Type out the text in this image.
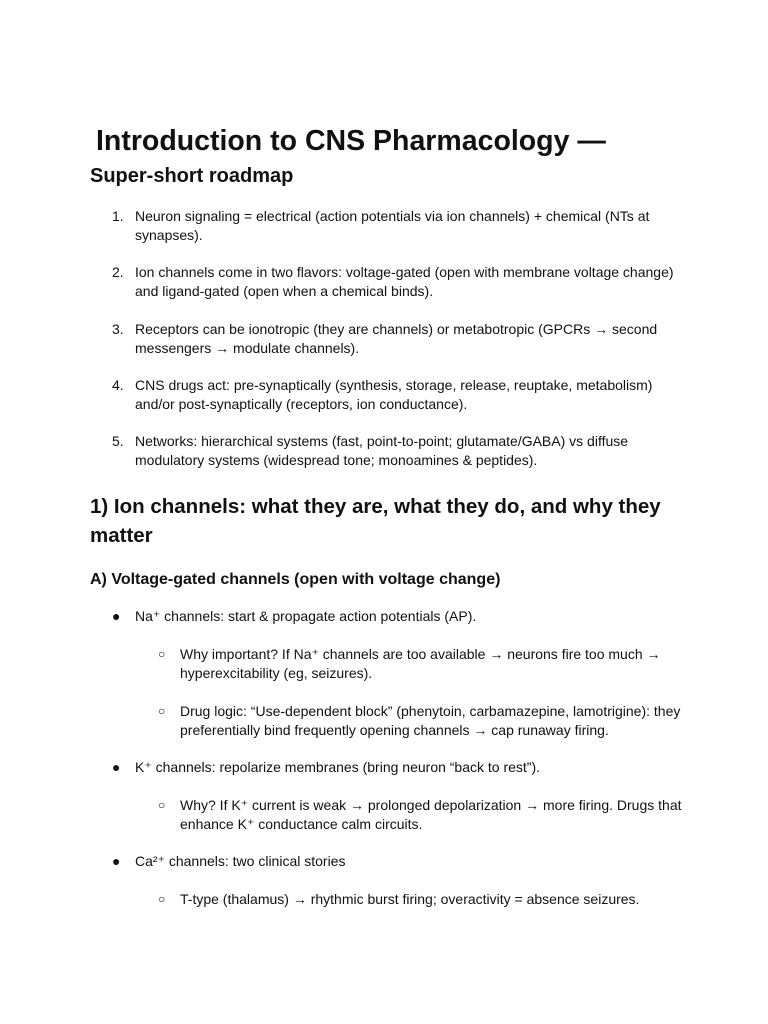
Introduction to CNS Pharmacology —
Super-short roadmap
1. Neuron signaling = electrical (action potentials via ion channels) + chemical (NTs at synapses).
2. Ion channels come in two flavors: voltage-gated (open with membrane voltage change) and ligand-gated (open when a chemical binds).
3. Receptors can be ionotropic (they are channels) or metabotropic (GPCRs → second messengers → modulate channels).
4. CNS drugs act: pre-synaptically (synthesis, storage, release, reuptake, metabolism) and/or post-synaptically (receptors, ion conductance).
5. Networks: hierarchical systems (fast, point-to-point; glutamate/GABA) vs diffuse modulatory systems (widespread tone; monoamines & peptides).
1) Ion channels: what they are, what they do, and why they matter
A) Voltage-gated channels (open with voltage change)
● Na⁺ channels: start & propagate action potentials (AP).
○ Why important? If Na⁺ channels are too available → neurons fire too much → hyperexcitability (eg, seizures).
○ Drug logic: “Use-dependent block” (phenytoin, carbamazepine, lamotrigine): they preferentially bind frequently opening channels → cap runaway firing.
● K⁺ channels: repolarize membranes (bring neuron “back to rest”).
○ Why? If K⁺ current is weak → prolonged depolarization → more firing. Drugs that enhance K⁺ conductance calm circuits.
● Ca²⁺ channels: two clinical stories
○ T-type (thalamus) → rhythmic burst firing; overactivity = absence seizures.
